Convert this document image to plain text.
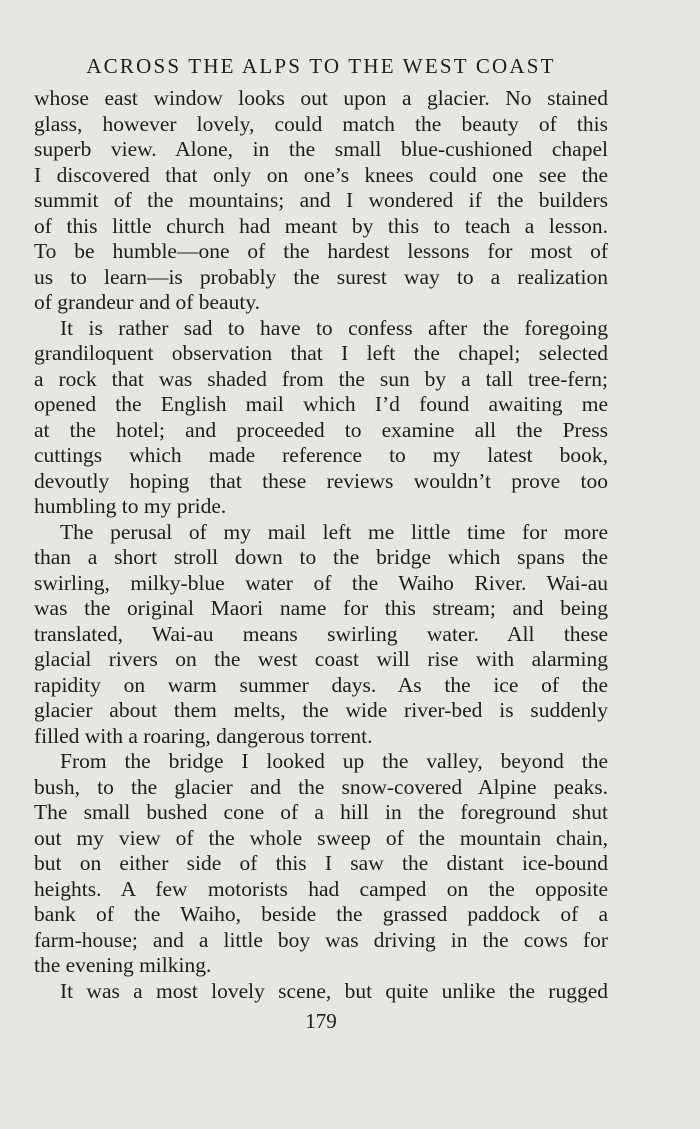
ACROSS THE ALPS TO THE WEST COAST
whose east window looks out upon a glacier. No stained
glass, however lovely, could match the beauty of this
superb view. Alone, in the small blue-cushioned chapel
I discovered that only on one’s knees could one see the
summit of the mountains; and I wondered if the builders
of this little church had meant by this to teach a lesson.
To be humble—one of the hardest lessons for most of
us to learn—is probably the surest way to a realization
of grandeur and of beauty.
It is rather sad to have to confess after the foregoing
grandiloquent observation that I left the chapel; selected
a rock that was shaded from the sun by a tall tree-fern;
opened the English mail which I’d found awaiting me
at the hotel; and proceeded to examine all the Press
cuttings which made reference to my latest book,
devoutly hoping that these reviews wouldn’t prove too
humbling to my pride.
The perusal of my mail left me little time for more
than a short stroll down to the bridge which spans the
swirling, milky-blue water of the Waiho River. Wai-au
was the original Maori name for this stream; and being
translated, Wai-au means swirling water. All these
glacial rivers on the west coast will rise with alarming
rapidity on warm summer days. As the ice of the
glacier about them melts, the wide river-bed is suddenly
filled with a roaring, dangerous torrent.
From the bridge I looked up the valley, beyond the
bush, to the glacier and the snow-covered Alpine peaks.
The small bushed cone of a hill in the foreground shut
out my view of the whole sweep of the mountain chain,
but on either side of this I saw the distant ice-bound
heights. A few motorists had camped on the opposite
bank of the Waiho, beside the grassed paddock of a
farm-house; and a little boy was driving in the cows for
the evening milking.
It was a most lovely scene, but quite unlike the rugged
179
